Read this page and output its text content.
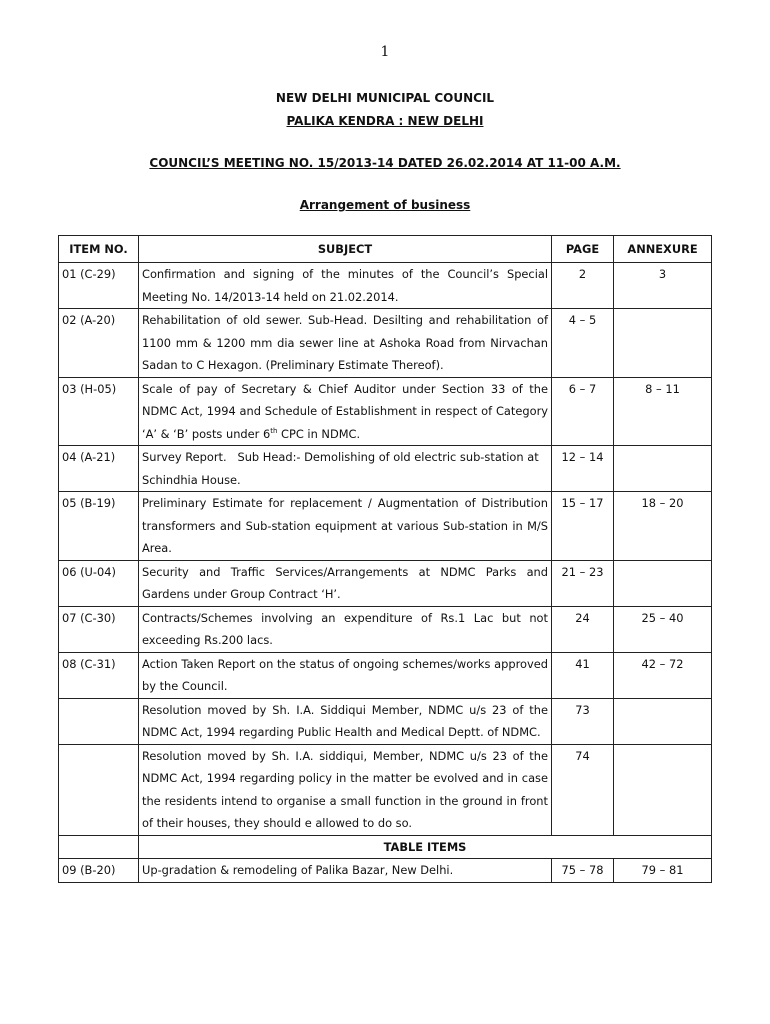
1
NEW DELHI MUNICIPAL COUNCIL
PALIKA KENDRA : NEW DELHI
COUNCIL’S MEETING NO. 15/2013-14 DATED 26.02.2014 AT 11-00 A.M.
Arrangement of business
ITEM NO.	SUBJECT	PAGE	ANNEXURE
01 (C-29)	Confirmation and signing of the minutes of the Council’s Special Meeting No. 14/2013-14 held on 21.02.2014.	2	3
02 (A-20)	Rehabilitation of old sewer. Sub-Head. Desilting and rehabilitation of 1100 mm & 1200 mm dia sewer line at Ashoka Road from Nirvachan Sadan to C Hexagon. (Preliminary Estimate Thereof).	4 – 5	
03 (H-05)	Scale of pay of Secretary & Chief Auditor under Section 33 of the NDMC Act, 1994 and Schedule of Establishment in respect of Category ‘A’ & ‘B’ posts under 6th CPC in NDMC.	6 – 7	8 – 11
04 (A-21)	Survey Report.   Sub Head:- Demolishing of old electric sub-station at Schindhia House.	12 – 14	
05 (B-19)	Preliminary Estimate for replacement / Augmentation of Distribution transformers and Sub-station equipment at various Sub-station in M/S Area.	15 – 17	18 – 20
06 (U-04)	Security and Traffic Services/Arrangements at NDMC Parks and Gardens under Group Contract ‘H’.	21 – 23	
07 (C-30)	Contracts/Schemes involving an expenditure of Rs.1 Lac but not exceeding Rs.200 lacs.	24	25 – 40
08 (C-31)	Action Taken Report on the status of ongoing schemes/works approved by the Council.	41	42 – 72
	Resolution moved by Sh. I.A. Siddiqui Member, NDMC u/s 23 of the NDMC Act, 1994 regarding Public Health and Medical Deptt. of NDMC.	73	
	Resolution moved by Sh. I.A. siddiqui, Member, NDMC u/s 23 of the NDMC Act, 1994 regarding policy in the matter be evolved and in case the residents intend to organise a small function in the ground in front of their houses, they should e allowed to do so.	74	
	TABLE ITEMS		
09 (B-20)	Up-gradation & remodeling of Palika Bazar, New Delhi.	75 – 78	79 – 81
